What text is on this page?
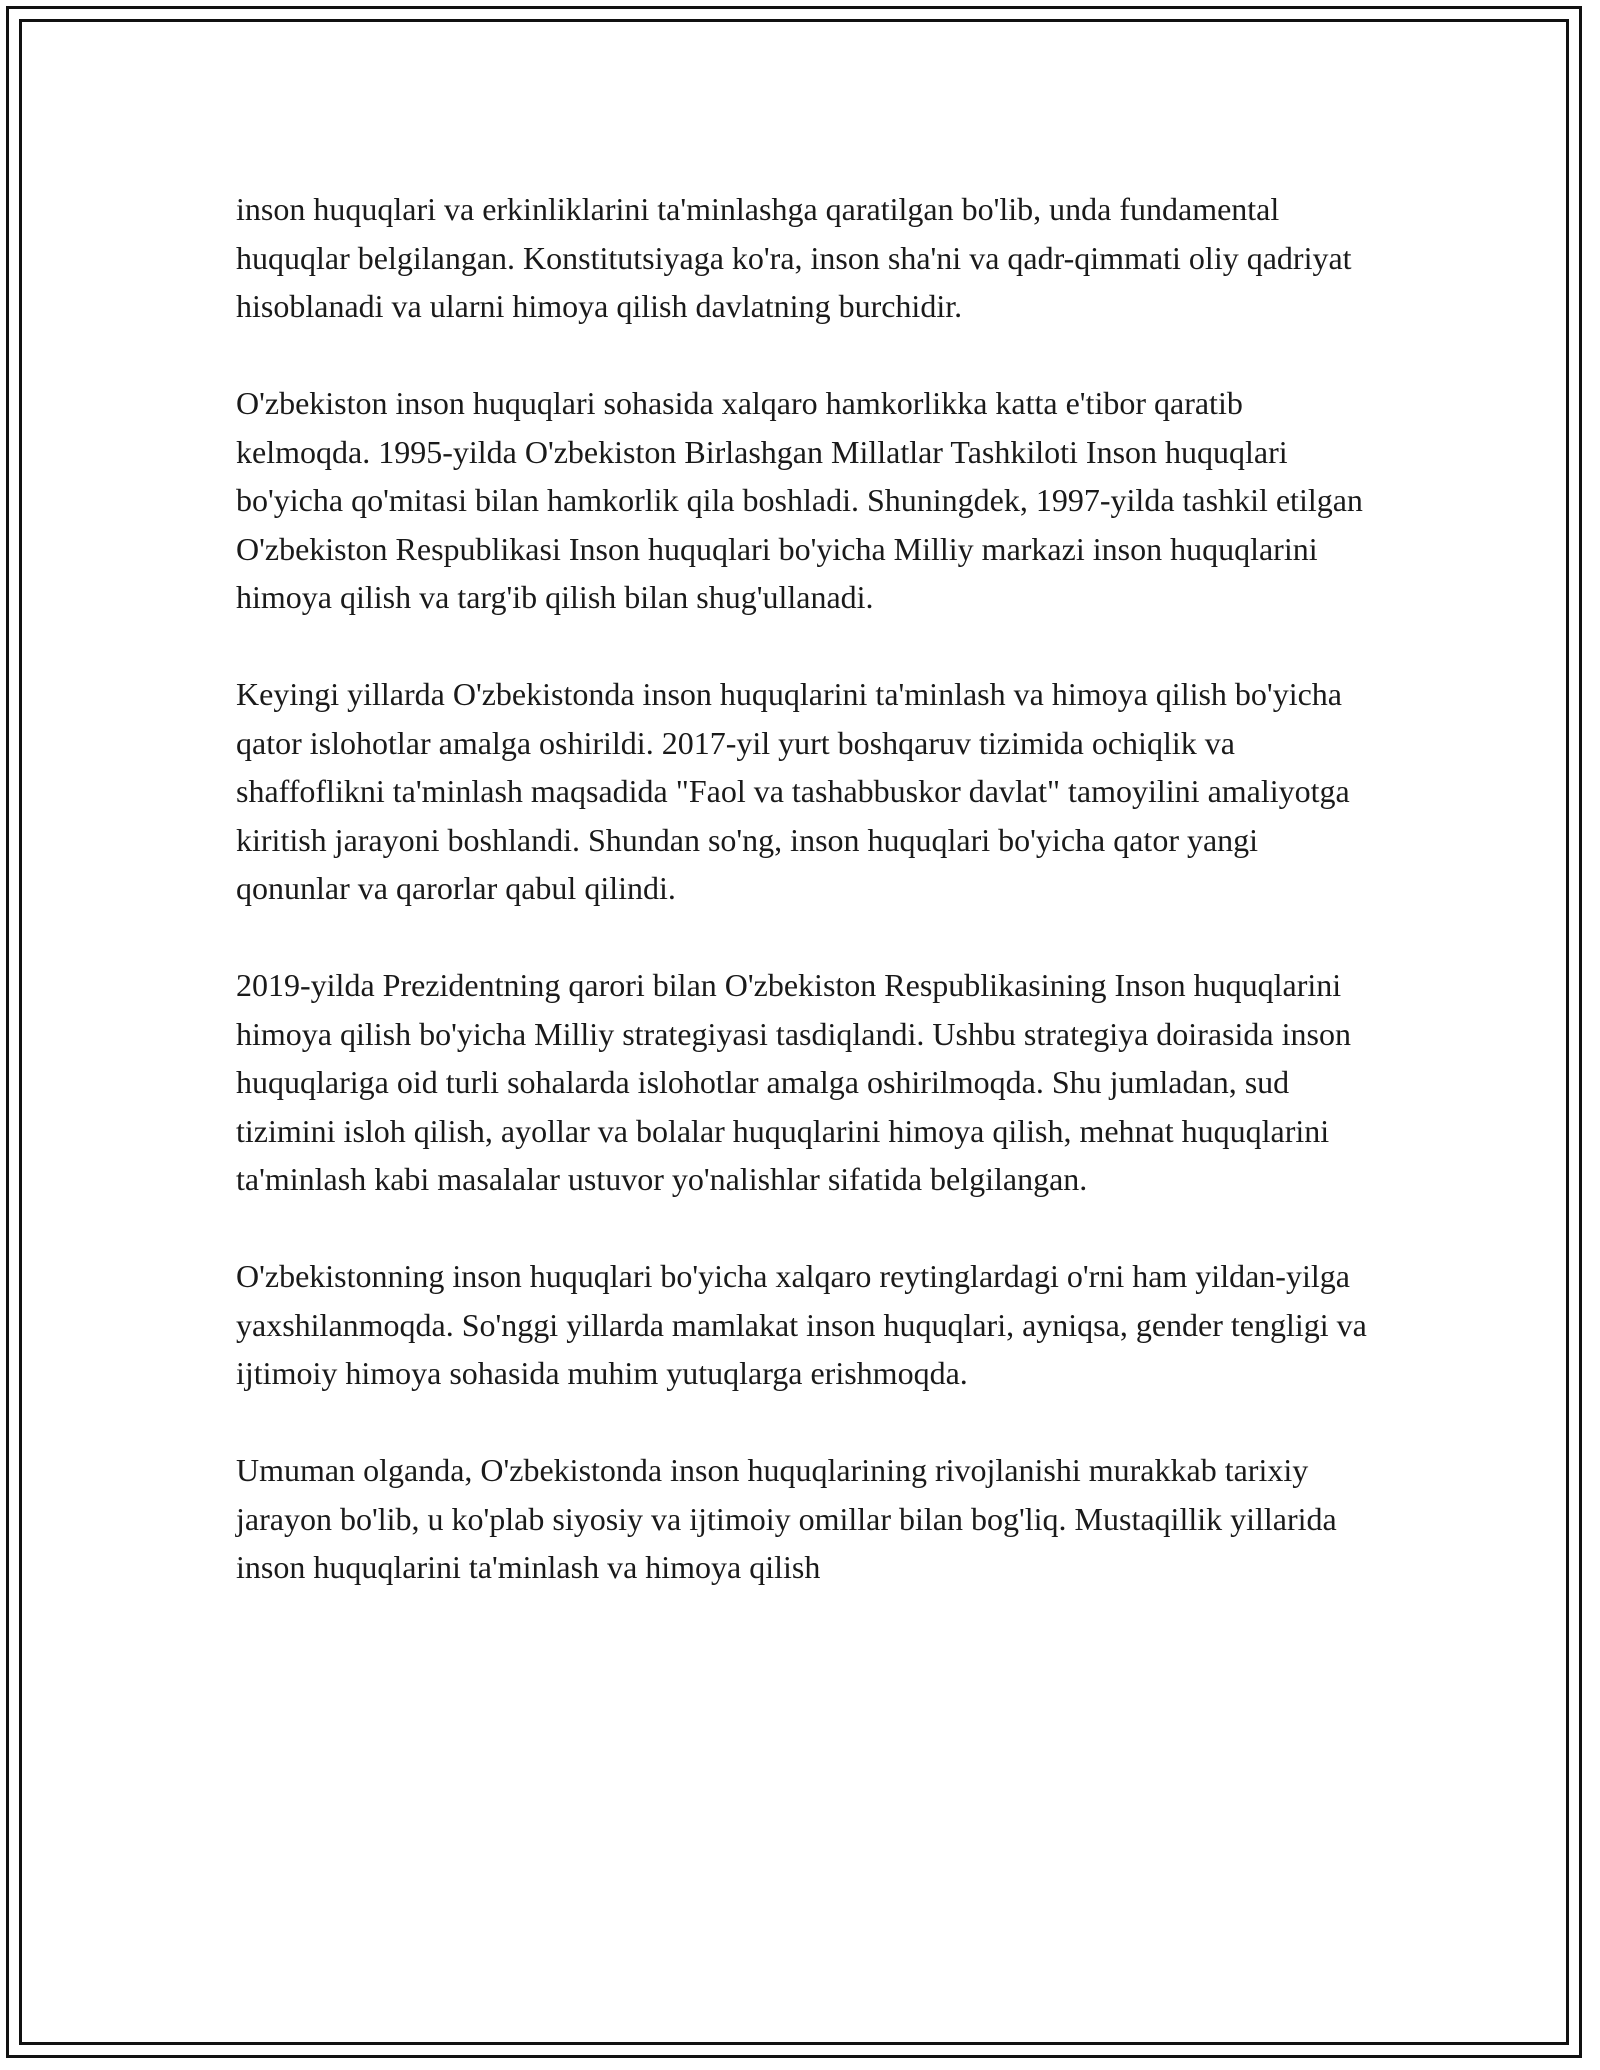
inson huquqlari va erkinliklarini ta'minlashga qaratilgan bo'lib, unda fundamental huquqlar belgilangan. Konstitutsiyaga ko'ra, inson sha'ni va qadr-qimmati oliy qadriyat hisoblanadi va ularni himoya qilish davlatning burchidir.

O'zbekiston inson huquqlari sohasida xalqaro hamkorlikka katta e'tibor qaratib kelmoqda. 1995-yilda O'zbekiston Birlashgan Millatlar Tashkiloti Inson huquqlari bo'yicha qo'mitasi bilan hamkorlik qila boshladi. Shuningdek, 1997-yilda tashkil etilgan O'zbekiston Respublikasi Inson huquqlari bo'yicha Milliy markazi inson huquqlarini himoya qilish va targ'ib qilish bilan shug'ullanadi.

Keyingi yillarda O'zbekistonda inson huquqlarini ta'minlash va himoya qilish bo'yicha qator islohotlar amalga oshirildi. 2017-yil yurt boshqaruv tizimida ochiqlik va shaffoflikni ta'minlash maqsadida "Faol va tashabbuskor davlat" tamoyilini amaliyotga kiritish jarayoni boshlandi. Shundan so'ng, inson huquqlari bo'yicha qator yangi qonunlar va qarorlar qabul qilindi.

2019-yilda Prezidentning qarori bilan O'zbekiston Respublikasining Inson huquqlarini himoya qilish bo'yicha Milliy strategiyasi tasdiqlandi. Ushbu strategiya doirasida inson huquqlariga oid turli sohalarda islohotlar amalga oshirilmoqda. Shu jumladan, sud tizimini isloh qilish, ayollar va bolalar huquqlarini himoya qilish, mehnat huquqlarini ta'minlash kabi masalalar ustuvor yo'nalishlar sifatida belgilangan.

O'zbekistonning inson huquqlari bo'yicha xalqaro reytinglardagi o'rni ham yildan-yilga yaxshilanmoqda. So'nggi yillarda mamlakat inson huquqlari, ayniqsa, gender tengligi va ijtimoiy himoya sohasida muhim yutuqlarga erishmoqda.

Umuman olganda, O'zbekistonda inson huquqlarining rivojlanishi murakkab tarixiy jarayon bo'lib, u ko'plab siyosiy va ijtimoiy omillar bilan bog'liq. Mustaqillik yillarida inson huquqlarini ta'minlash va himoya qilish
